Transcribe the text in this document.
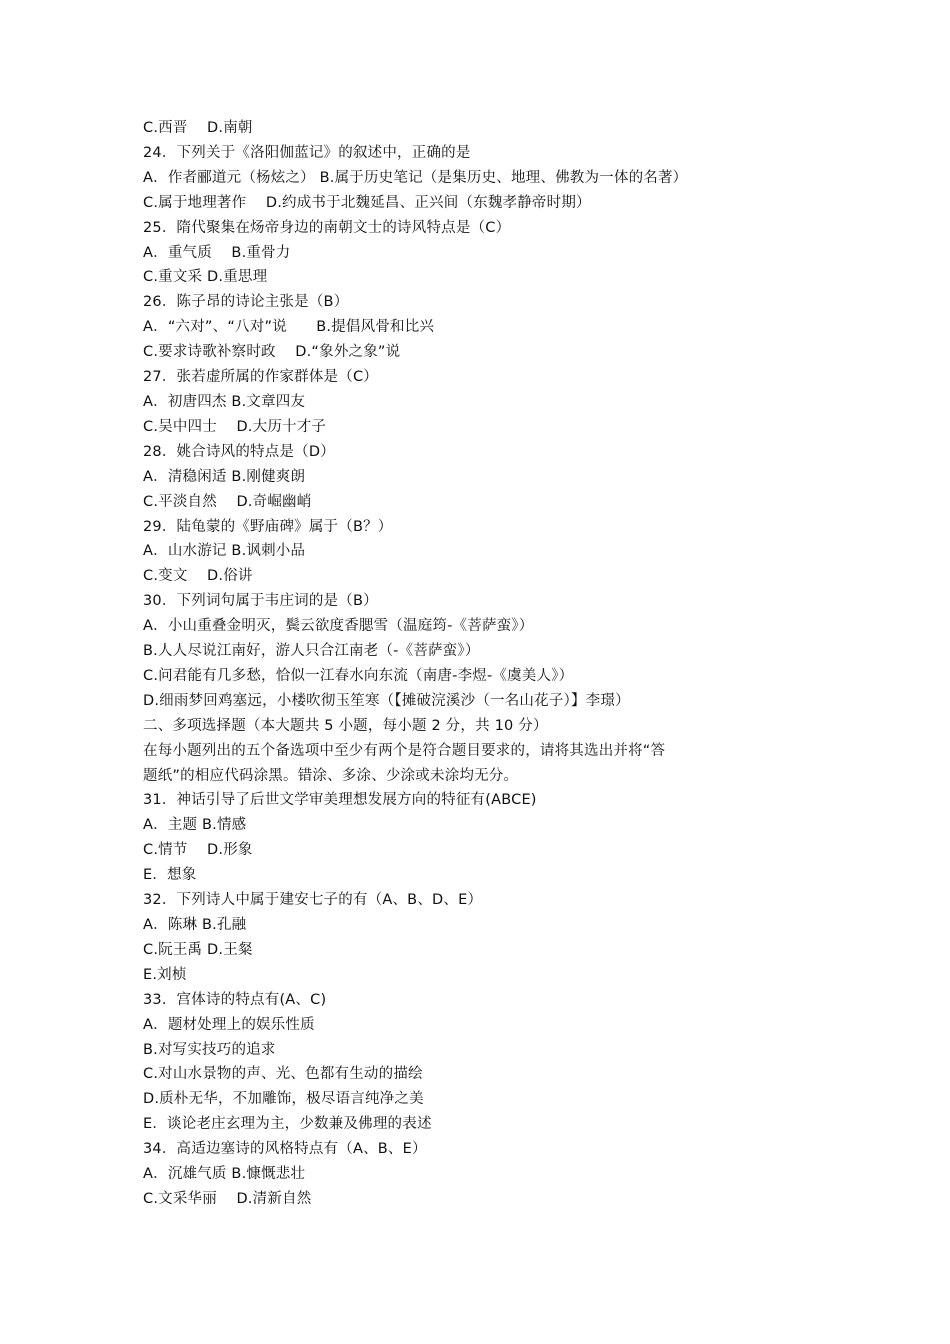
C.西晋　 D.南朝
24．下列关于《洛阳伽蓝记》的叙述中，正确的是
A．作者郦道元（杨炫之） B.属于历史笔记（是集历史、地理、佛教为一体的名著）
C.属于地理著作　 D.约成书于北魏延昌、正兴间（东魏孝静帝时期）
25．隋代聚集在炀帝身边的南朝文士的诗风特点是（C）
A．重气质　 B.重骨力
C.重文采 D.重思理
26．陈子昂的诗论主张是（B）
A．“六对”、“八对”说　　B.提倡风骨和比兴
C.要求诗歌补察时政　 D.“象外之象”说
27．张若虚所属的作家群体是（C）
A．初唐四杰 B.文章四友
C.吴中四士　 D.大历十才子
28．姚合诗风的特点是（D）
A．清稳闲适 B.刚健爽朗
C.平淡自然　 D.奇崛幽峭
29．陆龟蒙的《野庙碑》属于（B？）
A．山水游记 B.讽刺小品
C.变文　 D.俗讲
30．下列词句属于韦庄词的是（B）
A．小山重叠金明灭，鬓云欲度香腮雪（温庭筠-《菩萨蛮》）
B.人人尽说江南好，游人只合江南老（-《菩萨蛮》）
C.问君能有几多愁，恰似一江春水向东流（南唐-李煜-《虞美人》）
D.细雨梦回鸡塞远，小楼吹彻玉笙寒（【摊破浣溪沙（一名山花子）】李璟）
二、多项选择题（本大题共 5 小题，每小题 2 分，共 10 分）
在每小题列出的五个备选项中至少有两个是符合题目要求的，请将其选出并将“答
题纸”的相应代码涂黑。错涂、多涂、少涂或未涂均无分。
31．神话引导了后世文学审美理想发展方向的特征有(ABCE)
A．主题 B.情感
C.情节　 D.形象
E．想象
32．下列诗人中属于建安七子的有（A、B、D、E）
A．陈琳 B.孔融
C.阮王禹 D.王粲
E.刘桢
33．宫体诗的特点有(A、C)
A．题材处理上的娱乐性质
B.对写实技巧的追求
C.对山水景物的声、光、色都有生动的描绘
D.质朴无华，不加雕饰，极尽语言纯净之美
E．谈论老庄玄理为主，少数兼及佛理的表述
34．高适边塞诗的风格特点有（A、B、E）
A．沉雄气质 B.慷慨悲壮
C.文采华丽　 D.清新自然
